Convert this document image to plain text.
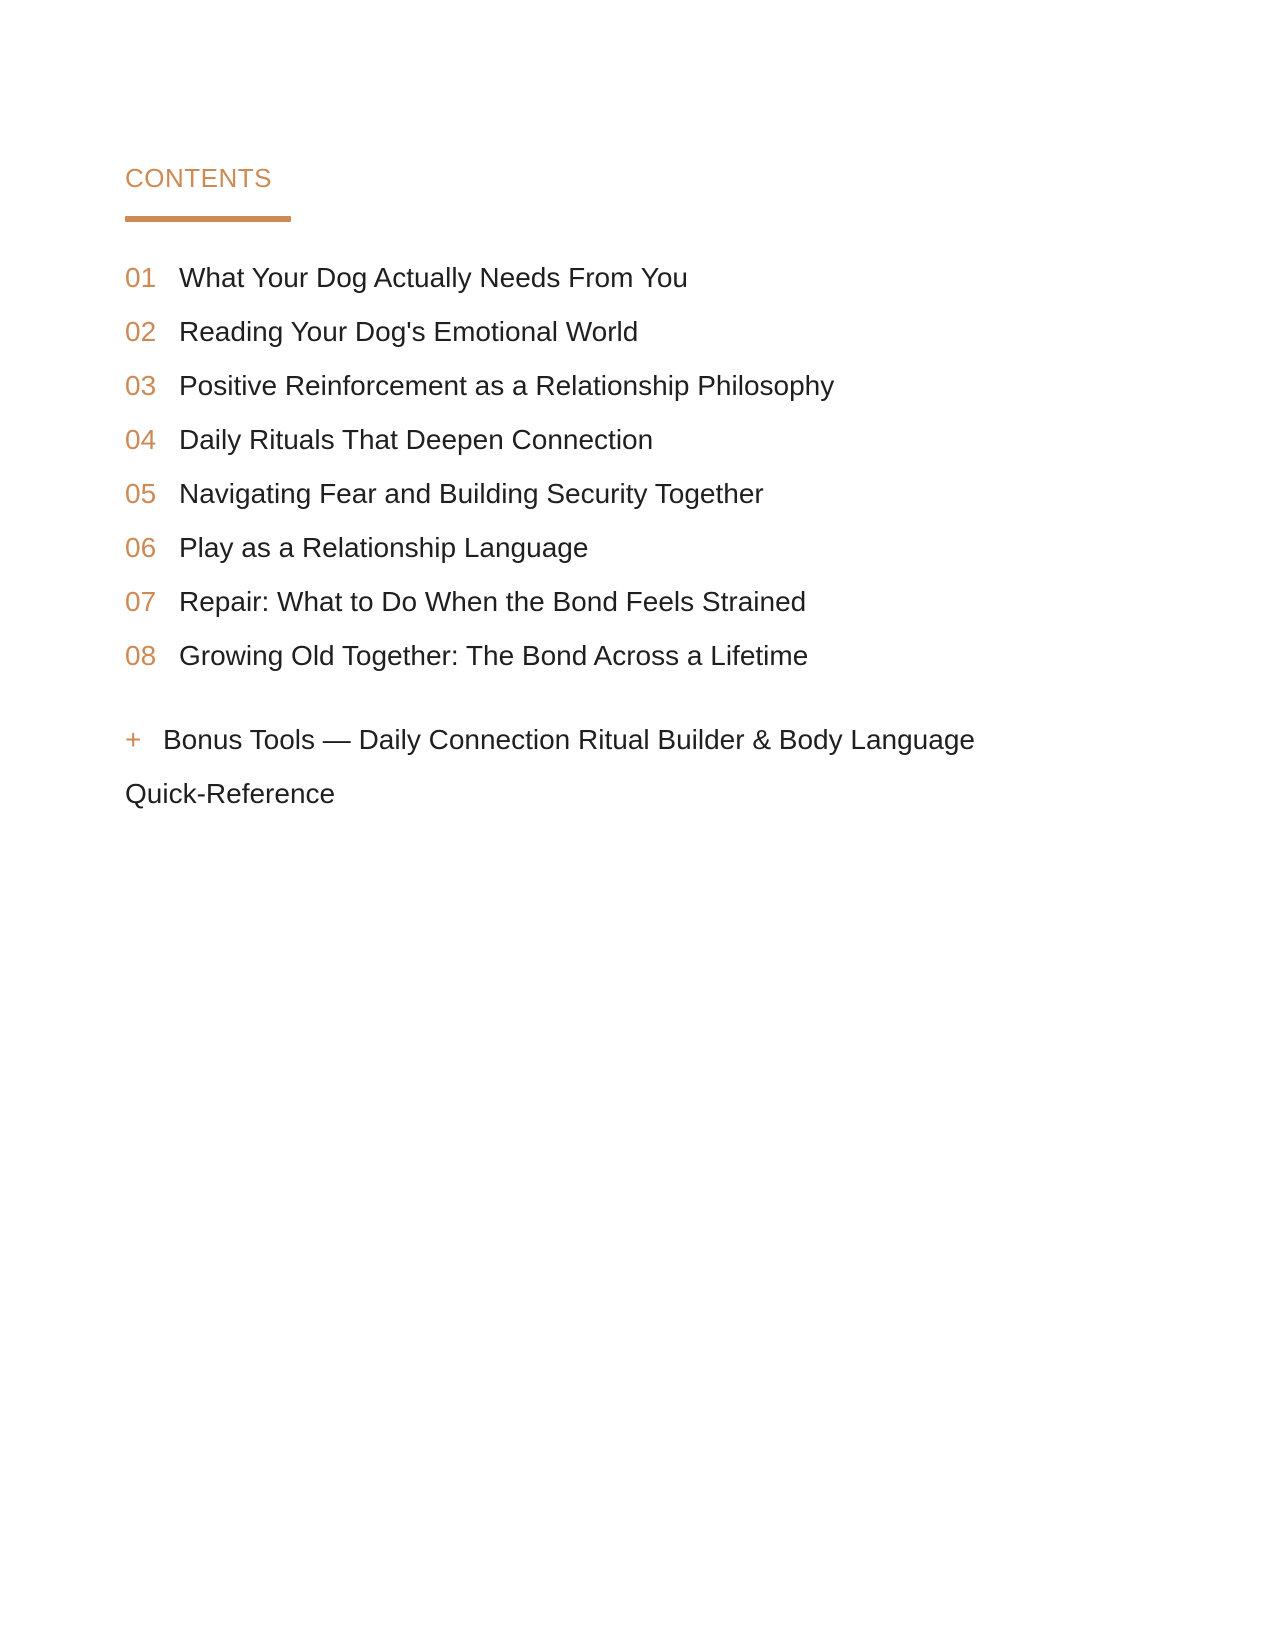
CONTENTS
01 What Your Dog Actually Needs From You
02 Reading Your Dog's Emotional World
03 Positive Reinforcement as a Relationship Philosophy
04 Daily Rituals That Deepen Connection
05 Navigating Fear and Building Security Together
06 Play as a Relationship Language
07 Repair: What to Do When the Bond Feels Strained
08 Growing Old Together: The Bond Across a Lifetime

+ Bonus Tools — Daily Connection Ritual Builder & Body Language Quick-Reference
